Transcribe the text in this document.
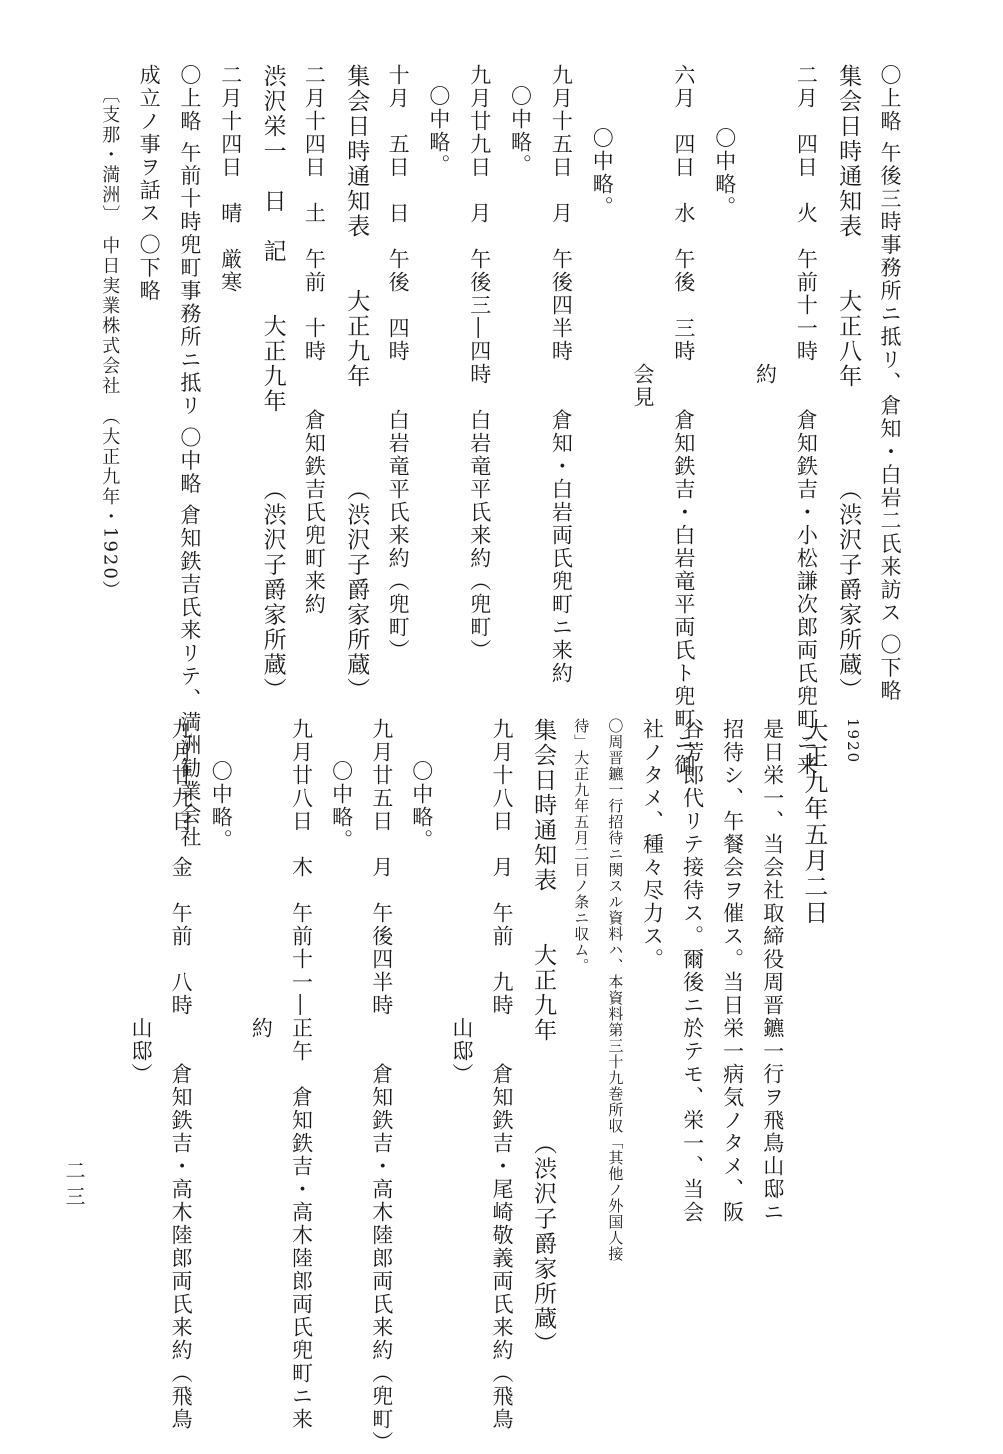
〇上略 午後三時事務所ニ抵リ、倉知・白岩二氏来訪ス 〇下略
集会日時通知表　　大正八年　　　　（渋沢子爵家所蔵）
二月　四日　火　午前十一時　　倉知鉄吉・小松謙次郎両氏兜町ニ来
　　　　　　　　　　　　　約
〇中略。
六月　四日　水　午後　三時　　倉知鉄吉・白岩竜平両氏ト兜町ニ御
　　　　　　　　　　　　　会見
〇中略。
九月十五日　月　午後四半時　　倉知・白岩両氏兜町ニ来約
〇中略。
九月廿九日　月　午後三―四時　白岩竜平氏来約（兜町）
〇中略。
十月　五日　日　午後　四時　　白岩竜平氏来約（兜町）
集会日時通知表　　大正九年　　　　（渋沢子爵家所蔵）
二月十四日　土　午前　十時　　倉知鉄吉氏兜町来約
渋沢栄一　日　記　　大正九年　　　（渋沢子爵家所蔵）
二月十四日　晴　厳寒
〇上略 午前十時兜町事務所ニ抵リ 〇中略 倉知鉄吉氏来リテ、満洲勧業会社
成立ノ事ヲ話ス 〇下略
〔支那・満洲〕　中日実業株式会社　（大正九年・1920）
1920
大正九年五月二日
是日栄一、当会社取締役周晋鑣一行ヲ飛鳥山邸ニ
招待シ、午餐会ヲ催ス。当日栄一病気ノタメ、阪
谷芳郎代リテ接待ス。爾後ニ於テモ、栄一、当会
社ノタメ、種々尽力ス。
〇周晋鑣一行招待ニ関スル資料ハ、本資料第三十九巻所収「其他ノ外国人接
待」大正九年五月二日ノ条ニ収ム。
集会日時通知表　　大正九年　　　　（渋沢子爵家所蔵）
九月十八日　月　午前　九時　　倉知鉄吉・尾崎敬義両氏来約（飛鳥
　　　　　　　　　　　　　山邸）
〇中略。
九月廿五日　月　午後四半時　　倉知鉄吉・高木陸郎両氏来約（兜町）
〇中略。
九月廿八日　木　午前十一―正午　倉知鉄吉・高木陸郎両氏兜町ニ来
　　　　　　　　　　　　　約
〇中略。
九月廿九日　金　午前　八時　　倉知鉄吉・高木陸郎両氏来約（飛鳥
　　　　　　　　　　　　　山邸）
二三
